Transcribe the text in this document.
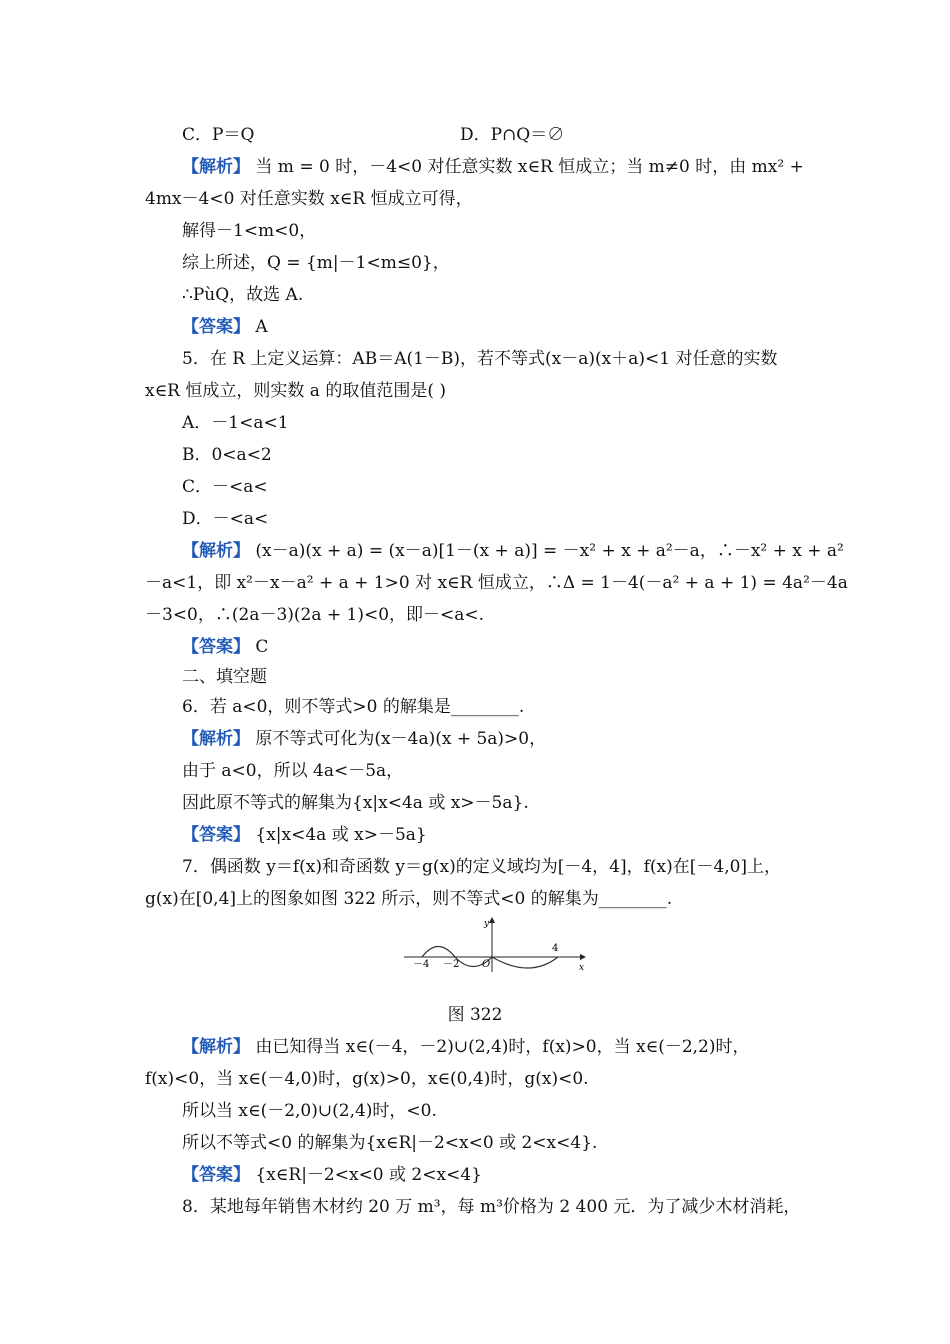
C．P＝Q	D．P∩Q＝∅
【解析】 当 m = 0 时，－4<0 对任意实数 x∈R 恒成立；当 m≠0 时，由 mx² +
4mx－4<0 对任意实数 x∈R 恒成立可得，
解得－1<m<0，
综上所述，Q = {m|－1<m≤0}，
∴PùQ，故选 A.
【答案】 A
5．在 R 上定义运算：AB＝A(1－B)，若不等式(x－a)(x＋a)<1 对任意的实数
x∈R 恒成立，则实数 a 的取值范围是( )
A．－1<a<1
B．0<a<2
C．－<a<
D．－<a<
【解析】 (x－a)(x + a) = (x－a)[1－(x + a)] = －x² + x + a²－a，∴－x² + x + a²
－a<1，即 x²－x－a² + a + 1>0 对 x∈R 恒成立，∴Δ = 1－4(－a² + a + 1) = 4a²－4a
－3<0，∴(2a－3)(2a + 1)<0，即－<a<.
【答案】 C
二、填空题
6．若 a<0，则不等式>0 的解集是________.
【解析】 原不等式可化为(x－4a)(x + 5a)>0，
由于 a<0，所以 4a<－5a，
因此原不等式的解集为{x|x<4a 或 x>－5a}.
【答案】 {x|x<4a 或 x>－5a}
7．偶函数 y＝f(x)和奇函数 y＝g(x)的定义域均为[－4，4]，f(x)在[－4,0]上，
g(x)在[0,4]上的图象如图 322 所示，则不等式<0 的解集为________.
【解析】 由已知得当 x∈(－4，－2)∪(2,4)时，f(x)>0，当 x∈(－2,2)时，
f(x)<0，当 x∈(－4,0)时，g(x)>0，x∈(0,4)时，g(x)<0.
所以当 x∈(－2,0)∪(2,4)时，<0.
所以不等式<0 的解集为{x∈R|－2<x<0 或 2<x<4}.
【答案】 {x∈R|－2<x<0 或 2<x<4}
8．某地每年销售木材约 20 万 m³，每 m³价格为 2 400 元．为了减少木材消耗，
y
x
－4 －2 O
4
图 322
